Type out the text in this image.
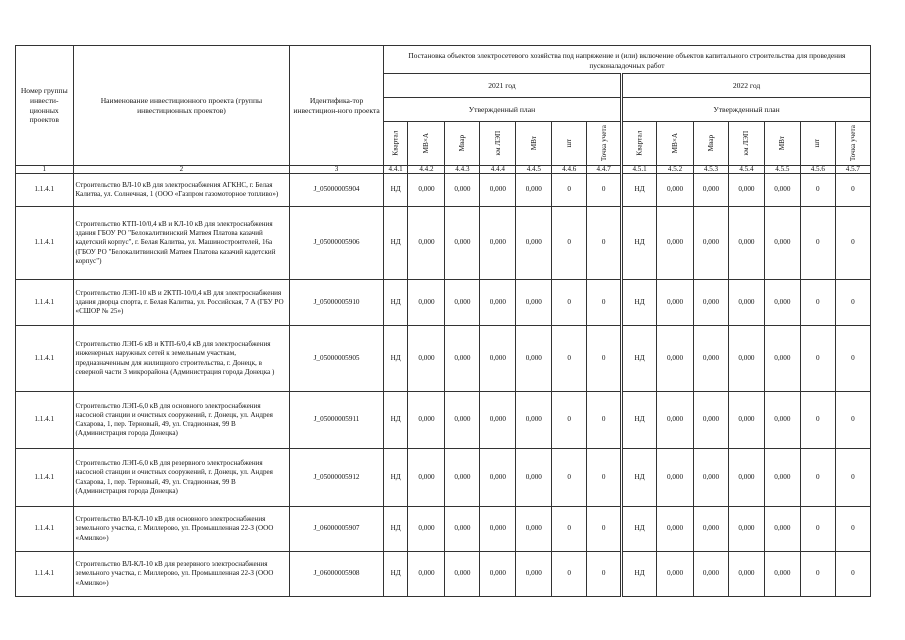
Номер группы инвести-ционных проектов	Наименование инвестиционного проекта (группы инвестиционных проектов)	Идентифика-тор инвестицион-ного проекта	Постановка объектов электросетевого хозяйства под напряжение и (или) включение объектов капитального строительства для проведения пусконаладочных работ													
			2021 год							2022 год						
			Утвержденный план							Утвержденный план						

			Квартал	МВ×А	Мвар	км ЛЭП	МВт	шт	Точка учета	Квартал	МВ×А	Мвар	км ЛЭП	МВт	шт	Точка учета

1	2	3	4.4.1	4.4.2	4.4.3	4.4.4	4.4.5	4.4.6	4.4.7	4.5.1	4.5.2	4.5.3	4.5.4	4.5.5	4.5.6	4.5.7
1.1.4.1	Строительство ВЛ-10 кВ для электроснабжения АГКНС, г. Белая Калитва, ул. Солнечная, 1 (ООО «Газпром газомоторное топливо»)	J_05000005904	НД	0,000	0,000	0,000	0,000	0	0	НД	0,000	0,000	0,000	0,000	0	0
1.1.4.1	Строительство КТП-10/0,4 кВ и КЛ-10 кВ для электроснабжения здания ГБОУ РО "Белокалитвинский Матвея Платова казачий кадетский корпус", г. Белая Калитва, ул. Машиностроителей, 16а (ГБОУ РО "Белокалитвинский Матвея Платова казачий кадетский корпус")	J_05000005906	НД	0,000	0,000	0,000	0,000	0	0	НД	0,000	0,000	0,000	0,000	0	0
1.1.4.1	Строительство ЛЭП-10 кВ и 2КТП-10/0,4 кВ для электроснабжения здания дворца спорта, г. Белая Калитва, ул. Российская, 7 А (ГБУ РО «СШОР № 25»)	J_05000005910	НД	0,000	0,000	0,000	0,000	0	0	НД	0,000	0,000	0,000	0,000	0	0
1.1.4.1	Строительство ЛЭП-6 кВ и КТП-6/0,4 кВ для электроснабжения инженерных наружных сетей к земельным участкам, предназначенным для жилищного строительства, г. Донецк, в северной части 3 микрорайона (Администрация города Донецка )	J_05000005905	НД	0,000	0,000	0,000	0,000	0	0	НД	0,000	0,000	0,000	0,000	0	0
1.1.4.1	Строительство ЛЭП-6,0 кВ для основного электроснабжения насосной станции и очистных сооружений, г. Донецк, ул. Андрея Сахарова, 1, пер. Терновый, 49, ул. Стадионная, 99 В (Администрация города Донецка)	J_05000005911	НД	0,000	0,000	0,000	0,000	0	0	НД	0,000	0,000	0,000	0,000	0	0
1.1.4.1	Строительство ЛЭП-6,0 кВ для резервного электроснабжения насосной станции и очистных сооружений, г. Донецк, ул. Андрея Сахарова, 1, пер. Терновый, 49, ул. Стадионная, 99 В (Администрация города Донецка)	J_05000005912	НД	0,000	0,000	0,000	0,000	0	0	НД	0,000	0,000	0,000	0,000	0	0
1.1.4.1	Строительство ВЛ-КЛ-10 кВ для основного электроснабжения земельного участка, г. Миллерово, ул. Промышленная 22-З (ООО «Амилко»)	J_06000005907	НД	0,000	0,000	0,000	0,000	0	0	НД	0,000	0,000	0,000	0,000	0	0
1.1.4.1	Строительство ВЛ-КЛ-10 кВ для резервного электроснабжения земельного участка, г. Миллерово, ул. Промышленная 22-З (ООО «Амилко»)	J_06000005908	НД	0,000	0,000	0,000	0,000	0	0	НД	0,000	0,000	0,000	0,000	0	0
